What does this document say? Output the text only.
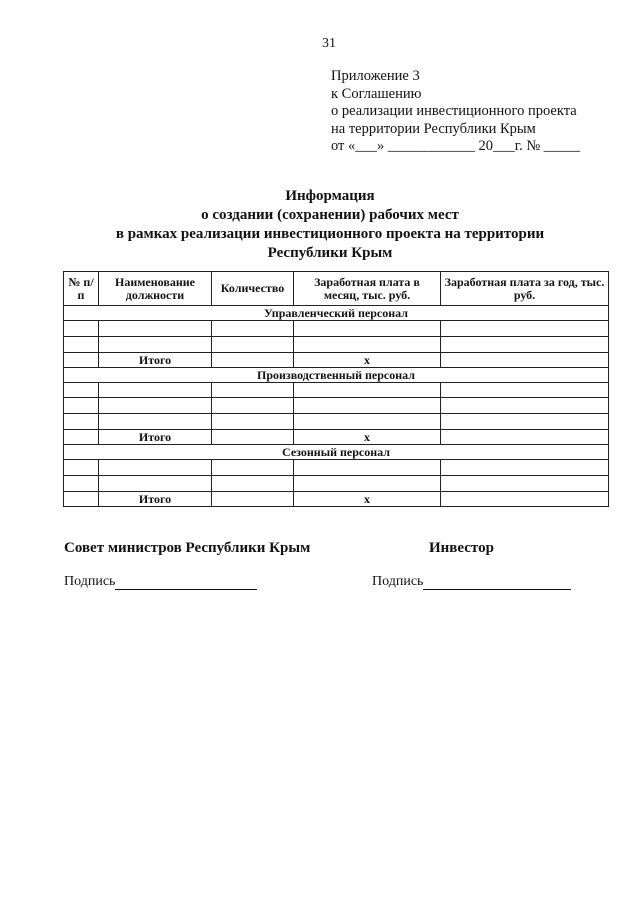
31
Приложение 3
к Соглашению
о реализации инвестиционного проекта
на территории Республики Крым
от «___» ____________ 20___г. № _____
Информация
о создании (сохранении) рабочих мест
в рамках реализации инвестиционного проекта на территории
Республики Крым
№ п/п	Наименование должности	Количество	Заработная плата в месяц, тыс. руб.	Заработная плата за год, тыс. руб.
Управленческий персонал				

	Итого		x	
Производственный персонал				

	Итого		x	
Сезонный персонал				

	Итого		x	
Совет министров Республики Крым	Инвестор
Подпись	Подпись
